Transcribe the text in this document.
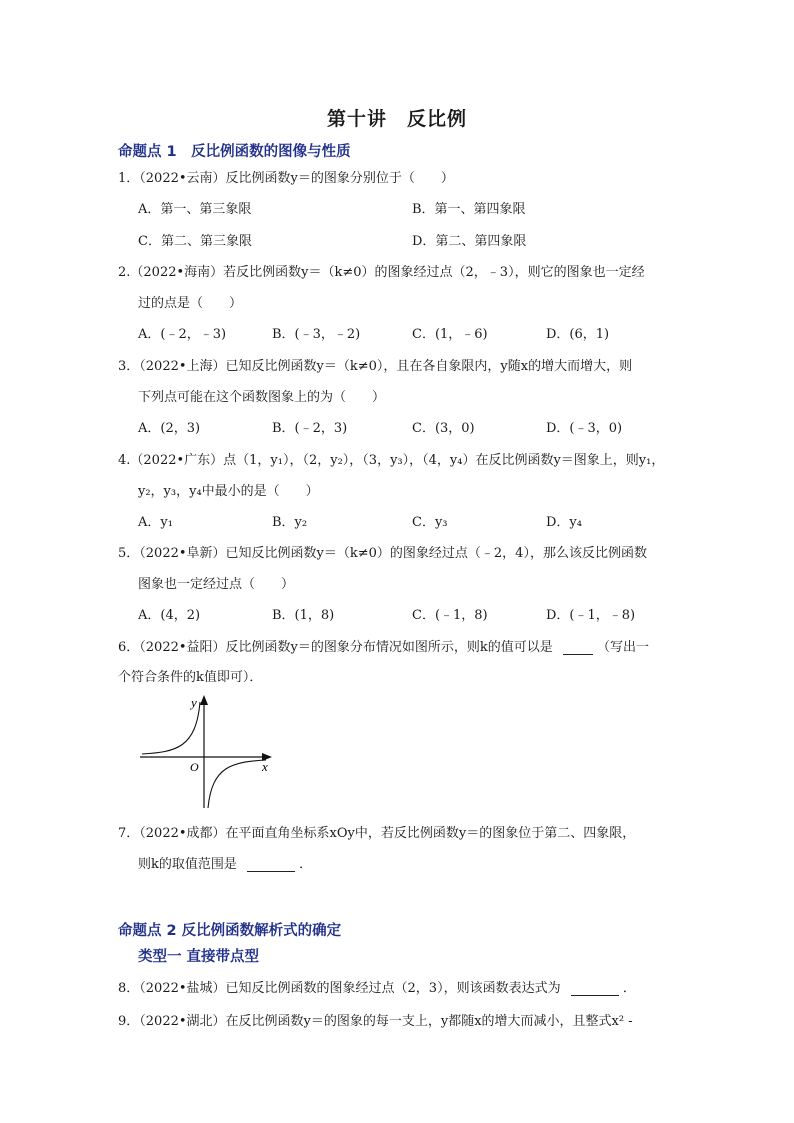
第十讲　反比例
命题点 1　反比例函数的图像与性质
1．（2022•云南）反比例函数y＝的图象分别位于（　　）
A．第一、第三象限	B．第一、第四象限
C．第二、第三象限	D．第二、第四象限
2.（2022•海南）若反比例函数y＝（k≠0）的图象经过点（2，﹣3），则它的图象也一定经
过的点是（　　）
A．(﹣2，﹣3)	B．(﹣3，﹣2)	C．(1，﹣6)	D．(6，1)
3．（2022•上海）已知反比例函数y＝（k≠0），且在各自象限内，y随x的增大而增大，则
下列点可能在这个函数图象上的为（　　）
A．(2，3)	B．(﹣2，3)	C．(3，0)	D．(﹣3，0)
4.（2022•广东）点（1，y₁），（2，y₂），（3，y₃），（4，y₄）在反比例函数y＝图象上，则y₁，
y₂，y₃，y₄中最小的是（　　）
A．y₁	B．y₂	C．y₃	D．y₄
5．（2022•阜新）已知反比例函数y＝（k≠0）的图象经过点（﹣2，4），那么该反比例函数
图象也一定经过点（　　）
A．(4，2)	B．(1，8)	C．(﹣1，8)	D．(﹣1，﹣8)
6．（2022•益阳）反比例函数y＝的图象分布情况如图所示，则k的值可以是	（写出一
个符合条件的k值即可）．
y
x
O
7．（2022•成都）在平面直角坐标系xOy中，若反比例函数y＝的图象位于第二、四象限，
则k的取值范围是	．
命题点 2 反比例函数解析式的确定
类型一 直接带点型
8．（2022•盐城）已知反比例函数的图象经过点（2，3），则该函数表达式为	．
9．（2022•湖北）在反比例函数y＝的图象的每一支上，y都随x的增大而减小，且整式x² -
